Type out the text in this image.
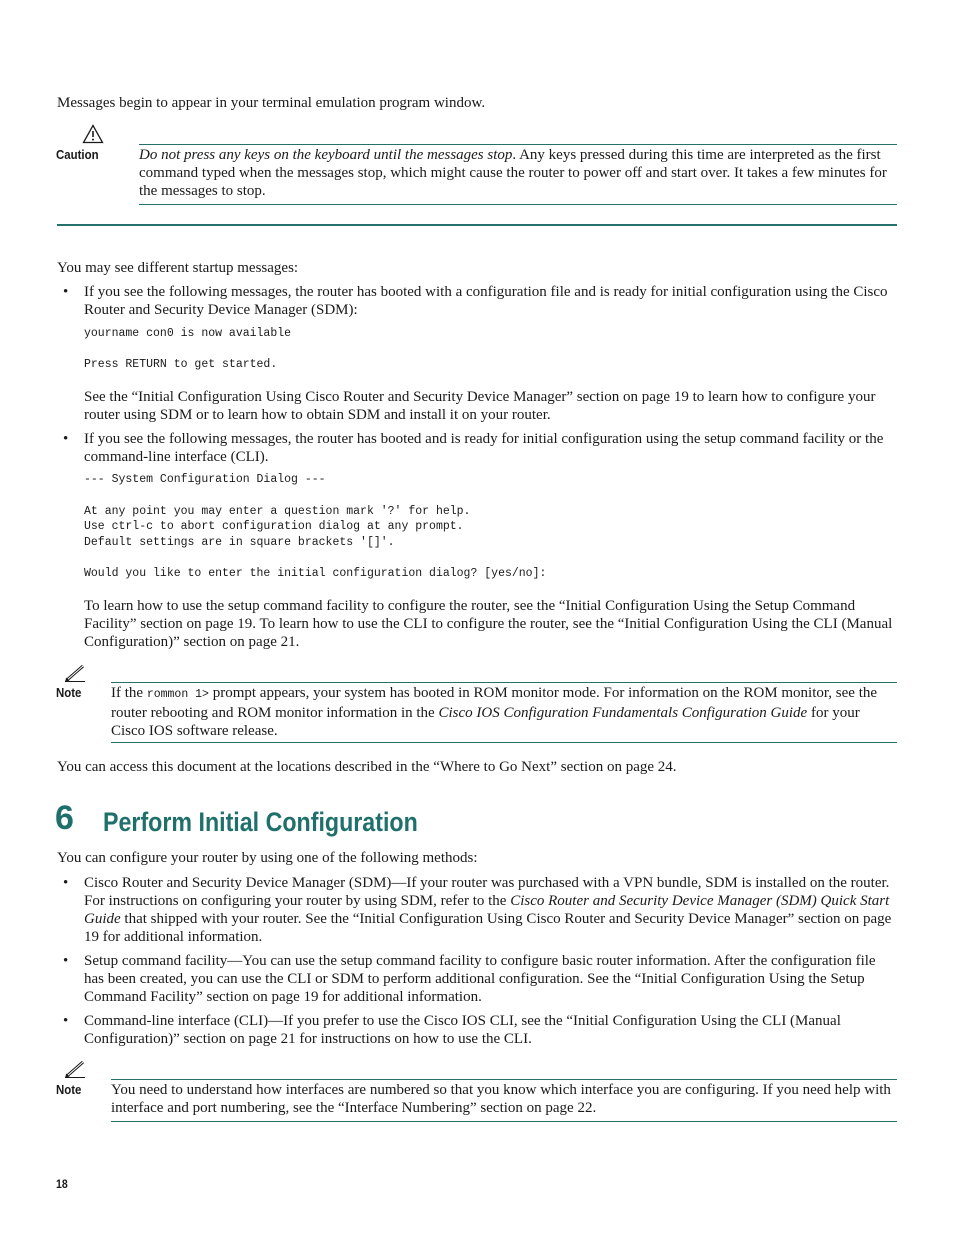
Messages begin to appear in your terminal emulation program window.
Caution	Do not press any keys on the keyboard until the messages stop. Any keys pressed during this time are interpreted as the first command typed when the messages stop, which might cause the router to power off and start over. It takes a few minutes for the messages to stop.
You may see different startup messages:
• If you see the following messages, the router has booted with a configuration file and is ready for initial configuration using the Cisco Router and Security Device Manager (SDM):
yourname con0 is now available
Press RETURN to get started.
See the “Initial Configuration Using Cisco Router and Security Device Manager” section on page 19 to learn how to configure your router using SDM or to learn how to obtain SDM and install it on your router.
• If you see the following messages, the router has booted and is ready for initial configuration using the setup command facility or the command-line interface (CLI).
--- System Configuration Dialog ---
At any point you may enter a question mark '?' for help.
Use ctrl-c to abort configuration dialog at any prompt.
Default settings are in square brackets '[]'.
Would you like to enter the initial configuration dialog? [yes/no]:
To learn how to use the setup command facility to configure the router, see the “Initial Configuration Using the Setup Command Facility” section on page 19. To learn how to use the CLI to configure the router, see the “Initial Configuration Using the CLI (Manual Configuration)” section on page 21.
Note If the rommon 1> prompt appears, your system has booted in ROM monitor mode. For information on the ROM monitor, see the router rebooting and ROM monitor information in the Cisco IOS Configuration Fundamentals Configuration Guide for your Cisco IOS software release.
You can access this document at the locations described in the “Where to Go Next” section on page 24.
6 Perform Initial Configuration
You can configure your router by using one of the following methods:
• Cisco Router and Security Device Manager (SDM)—If your router was purchased with a VPN bundle, SDM is installed on the router. For instructions on configuring your router by using SDM, refer to the Cisco Router and Security Device Manager (SDM) Quick Start Guide that shipped with your router. See the “Initial Configuration Using Cisco Router and Security Device Manager” section on page 19 for additional information.
• Setup command facility—You can use the setup command facility to configure basic router information. After the configuration file has been created, you can use the CLI or SDM to perform additional configuration. See the “Initial Configuration Using the Setup Command Facility” section on page 19 for additional information.
• Command-line interface (CLI)—If you prefer to use the Cisco IOS CLI, see the “Initial Configuration Using the CLI (Manual Configuration)” section on page 21 for instructions on how to use the CLI.
Note You need to understand how interfaces are numbered so that you know which interface you are configuring. If you need help with interface and port numbering, see the “Interface Numbering” section on page 22.
18
